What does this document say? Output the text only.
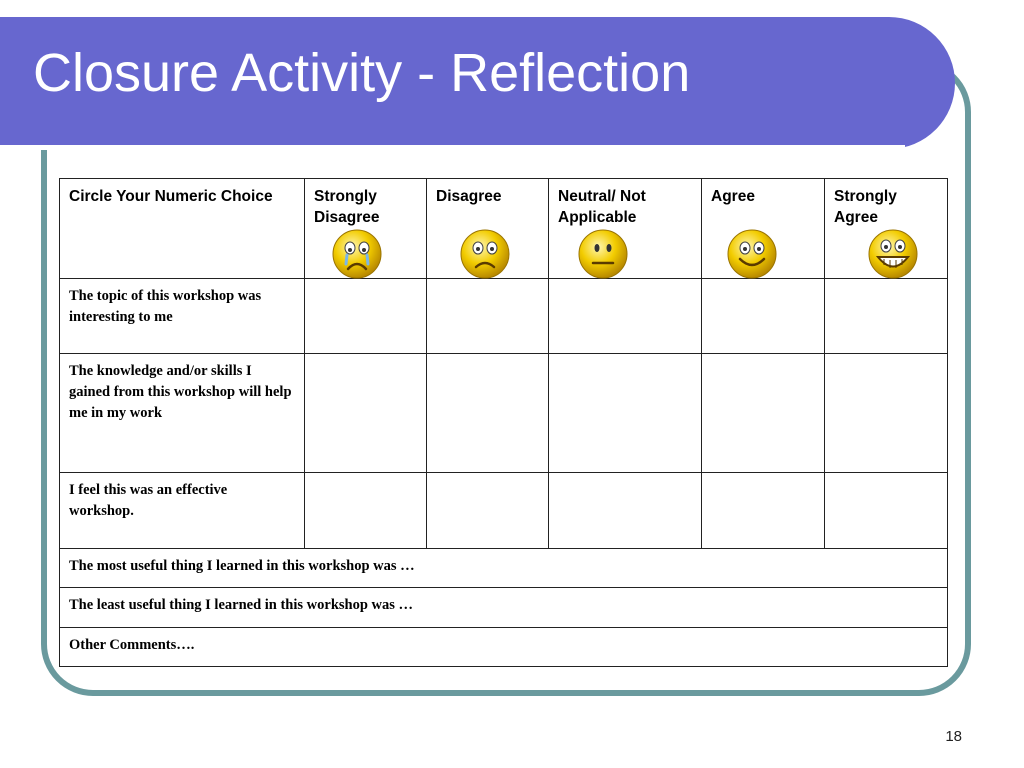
Closure Activity - Reflection
Circle Your Numeric Choice	Strongly Disagree	Disagree	Neutral/ Not Applicable	Agree	Strongly Agree

The topic of this workshop was interesting to me					
The knowledge and/or skills I gained from this workshop will help me in my work					
I feel this was an effective workshop.					
The most useful thing I learned in this workshop was …					
The least useful thing I learned in this workshop was …					
Other Comments….					
18
